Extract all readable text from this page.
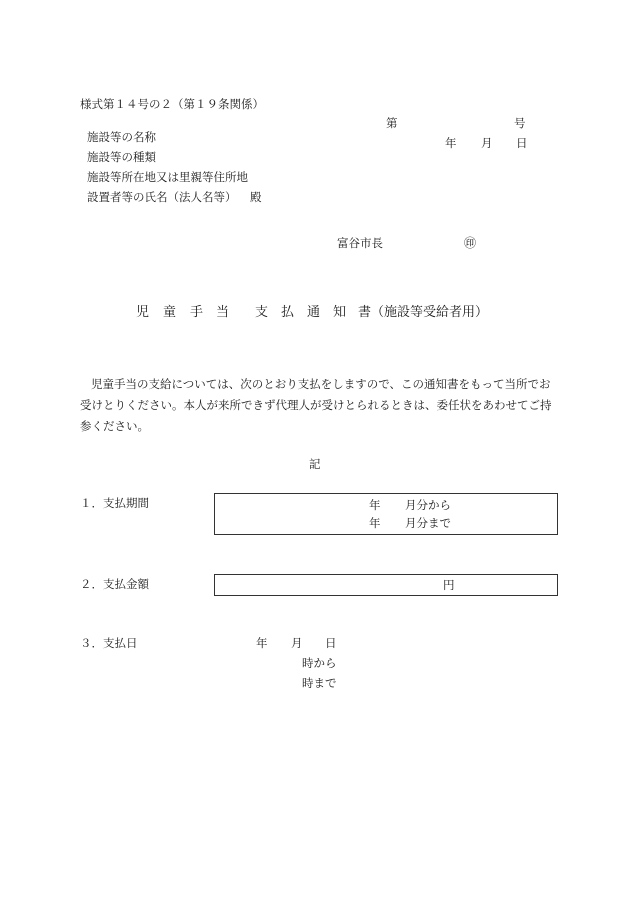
様式第１４号の２（第１９条関係）
第	号
年 月 日
施設等の名称
施設等の種類
施設等所在地又は里親等住所地
設置者等の氏名（法人名等） 殿
富谷市長	㊞
児 童 手 当 支 払 通 知 書（施設等受給者用）
児童手当の支給については、次のとおり支払をしますので、この通知書をもって当所でお受けとりください。本人が来所できず代理人が受けとられるときは、委任状をあわせてご持参ください。
記
１．支払期間	年 月分から
年 月分まで
２．支払金額	円
３．支払日	年 月 日
時から
時まで
